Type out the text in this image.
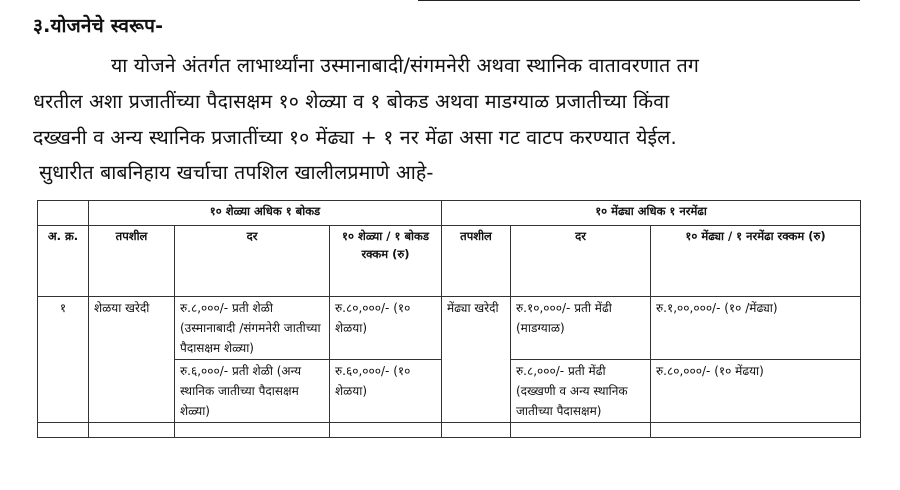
३.योजनेचे स्वरूप-
या योजने अंतर्गत लाभार्थ्यांना उस्मानाबादी/संगमनेरी अथवा स्थानिक वातावरणात तग
धरतील अशा प्रजातींच्या पैदासक्षम १० शेळ्या व १ बोकड अथवा माडग्याळ प्रजातीच्या किंवा
दख्खनी व अन्य स्थानिक प्रजातींच्या १० मेंढ्या + १ नर मेंढा असा गट वाटप करण्यात येईल.
सुधारीत बाबनिहाय खर्चाचा तपशिल खालीलप्रमाणे आहे-
	१० शेळ्या अधिक १ बोकड			१० मेंढ्या अधिक १ नरमेंढा		
अ. क्र.	तपशील	दर	१० शेळ्या / १ बोकड रक्कम (रु)	तपशील	दर	१० मेंढ्या / १ नरमेंढा रक्कम (रु)
१	शेळया खरेदी	रु.८,०००/- प्रती शेळी (उस्मानाबादी /संगमनेरी जातीच्या पैदासक्षम शेळ्या)	रु.८०,०००/- (१० शेळया)	मेंढ्या खरेदी	रु.१०,०००/- प्रती मेंढी (माडग्याळ)	रु.१,००,०००/- (१० /मेंढ्या)
		रु.६,०००/- प्रती शेळी (अन्य स्थानिक जातीच्या पैदासक्षम शेळ्या)	रु.६०,०००/- (१० शेळया)		रु.८,०००/- प्रती मेंढी (दख्खणी व अन्य स्थानिक जातीच्या पैदासक्षम)	रु.८०,०००/- (१० मेंढया)
